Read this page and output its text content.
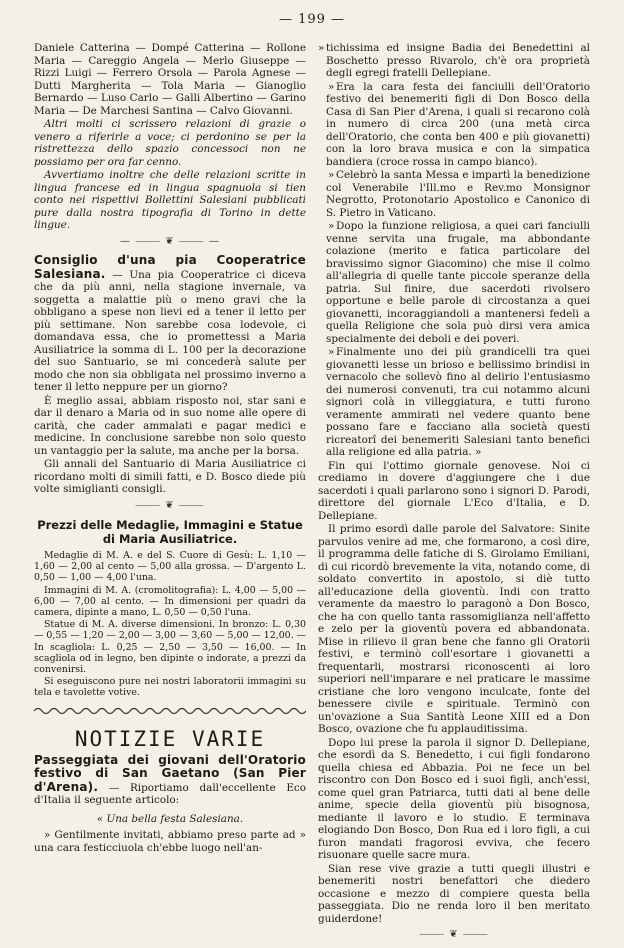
— 199 —

Daniele Catterina — Dompé Catterina — Rollone Maria — Careggio Angela — Merlo Giuseppe — Rizzi Luigi — Ferrero Orsola — Parola Agnese — Dutti Margherita — Tola Maria — Gianoglio Bernardo — Luso Carlo — Galli Albertino — Garino Maria — De Marchesi Santina — Calvo Giovanni.

Altri molti ci scrissero relazioni di grazie o venero a riferirle a voce; ci perdonino se per la ristrettezza dello spazio concessoci non ne possiamo per ora far cenno.

Avvertiamo inoltre che delle relazioni scritte in lingua francese ed in lingua spagnuola si tien conto nei rispettivi Bollettini Salesiani pubblicati pure dalla nostra tipografia di Torino in dette lingue.

— ⸻ ❦ ⸻ —

Consiglio d'una pia Cooperatrice Salesiana. — Una pia Cooperatrice ci diceva che da più anni, nella stagione invernale, va soggetta a malattie più o meno gravi che la obbligano a spese non lievi ed a tener il letto per più settimane. Non sarebbe cosa lodevole, ci domandava essa, che io promettessi a Maria Ausiliatrice la somma di L. 100 per la decorazione del suo Santuario, se mi concederà salute per modo che non sia obbligata nel prossimo inverno a tener il letto neppure per un giorno?

È meglio assai, abbiam risposto noi, star sani e dar il denaro a Maria od in suo nome alle opere di carità, che cader ammalati e pagar medici e medicine. In conclusione sarebbe non solo questo un vantaggio per la salute, ma anche per la borsa.

Gli annali del Santuario di Maria Ausiliatrice ci ricordano molti di simili fatti, e D. Bosco diede più volte simiglianti consigli.

⸻ ❦ ⸻
Prezzi delle Medaglie, Immagini e Statue di Maria Ausiliatrice.

Medaglie di M. A. e del S. Cuore di Gesù: L. 1,10 — 1,60 — 2,00 al cento — 5,00 alla grossa. — D'argento L. 0,50 — 1,00 — 4,00 l'una.

Immagini di M. A. (cromolitografia): L. 4,00 — 5,00 — 6,00 — 7,00 al cento. — In dimensioni per quadri da camera, dipinte a mano, L. 0,50 — 0,50 l'una.

Statue di M. A. diverse dimensioni. In bronzo: L. 0,30 — 0,55 — 1,20 — 2,00 — 3,00 — 3,60 — 5,00 — 12,00. — In scagliola: L. 0,25 — 2,50 — 3,50 — 16,00. — In scagliola od in legno, ben dipinte o indorate, a prezzi da convenirsi.

Si eseguiscono pure nei nostri laboratorii immagini su tela e tavolette votive.

NOTIZIE VARIE

Passeggiata dei giovani dell'Oratorio festivo di San Gaetano (San Pier d'Arena). — Riportiamo dall'eccellente Eco d'Italia il seguente articolo:

« Una bella festa Salesiana.

» Gentilmente invitati, abbiamo preso parte ad » una cara festicciuola ch'ebbe luogo nell'an-

» tichissima ed insigne Badia dei Benedettini al Boschetto presso Rivarolo, ch'è ora proprietà degli egregi fratelli Dellepiane.

» Era la cara festa dei fanciulli dell'Oratorio festivo dei benemeriti figli di Don Bosco della Casa di San Pier d'Arena, i quali si recarono colà in numero di circa 200 (una metà circa dell'Oratorio, che conta ben 400 e più giovanetti) con la loro brava musica e con la simpatica bandiera (croce rossa in campo bianco).

» Celebrò la santa Messa e impartì la benedizione col Venerabile l'Ill.mo e Rev.mo Monsignor Negrotto, Protonotario Apostolico e Canonico di S. Pietro in Vaticano.

» Dopo la funzione religiosa, a quei cari fanciulli venne servita una frugale, ma abbondante colazione (merito e fatica particolare del bravissimo signor Giacomino) che mise il colmo all'allegria di quelle tante piccole speranze della patria. Sul finire, due sacerdoti rivolsero opportune e belle parole di circostanza a quei giovanetti, incoraggiandoli a mantenersi fedeli a quella Religione che sola può dirsi vera amica specialmente dei deboli e dei poveri.

» Finalmente uno dei più grandicelli tra quei giovanetti lesse un brioso e bellissimo brindisi in vernacolo che sollevò fino al delirio l'entusiasmo dei numerosi convenuti, tra cui notammo alcuni signori colà in villeggiatura, e tutti furono veramente ammirati nel vedere quanto bene possano fare e facciano alla società questi ricreatorî dei benemeriti Salesiani tanto benefici alla religione ed alla patria. »

Fin qui l'ottimo giornale genovese. Noi ci crediamo in dovere d'aggiungere che i due sacerdoti i quali parlarono sono i signori D. Parodi, direttore del giornale L'Eco d'Italia, e D. Dellepiane.

Il primo esordì dalle parole del Salvatore: Sinite parvulos venire ad me, che formarono, a così dire, il programma delle fatiche di S. Girolamo Emiliani, di cui ricordò brevemente la vita, notando come, di soldato convertito in apostolo, si diè tutto all'educazione della gioventù. Indi con tratto veramente da maestro lo paragonò a Don Bosco, che ha con quello tanta rassomiglianza nell'affetto e zelo per la gioventù povera ed abbandonata. Mise in rilievo il gran bene che fanno gli Oratorii festivi, e terminò coll'esortare i giovanetti a frequentarli, mostrarsi riconoscenti ai loro superiori nell'imparare e nel praticare le massime cristiane che loro vengono inculcate, fonte del benessere civile e spirituale. Terminò con un'ovazione a Sua Santità Leone XIII ed a Don Bosco, ovazione che fu applauditissima.

Dopo lui prese la parola il signor D. Dellepiane, che esordì da S. Benedetto, i cui figli fondarono quella chiesa ed Abbazia. Poi ne fece un bel riscontro con Don Bosco ed i suoi figli, anch'essi, come quel gran Patriarca, tutti dati al bene delle anime, specie della gioventù più bisognosa, mediante il lavoro e lo studio. E terminava elogiando Don Bosco, Don Rua ed i loro figli, a cui furon mandati fragorosi evviva, che fecero risuonare quelle sacre mura.

Sian rese vive grazie a tutti quegli illustri e benemeriti nostri benefattori che diedero occasione e mezzo di compiere questa bella passeggiata. Dio ne renda loro il ben meritato guiderdone!

⸻ ❦ ⸻
